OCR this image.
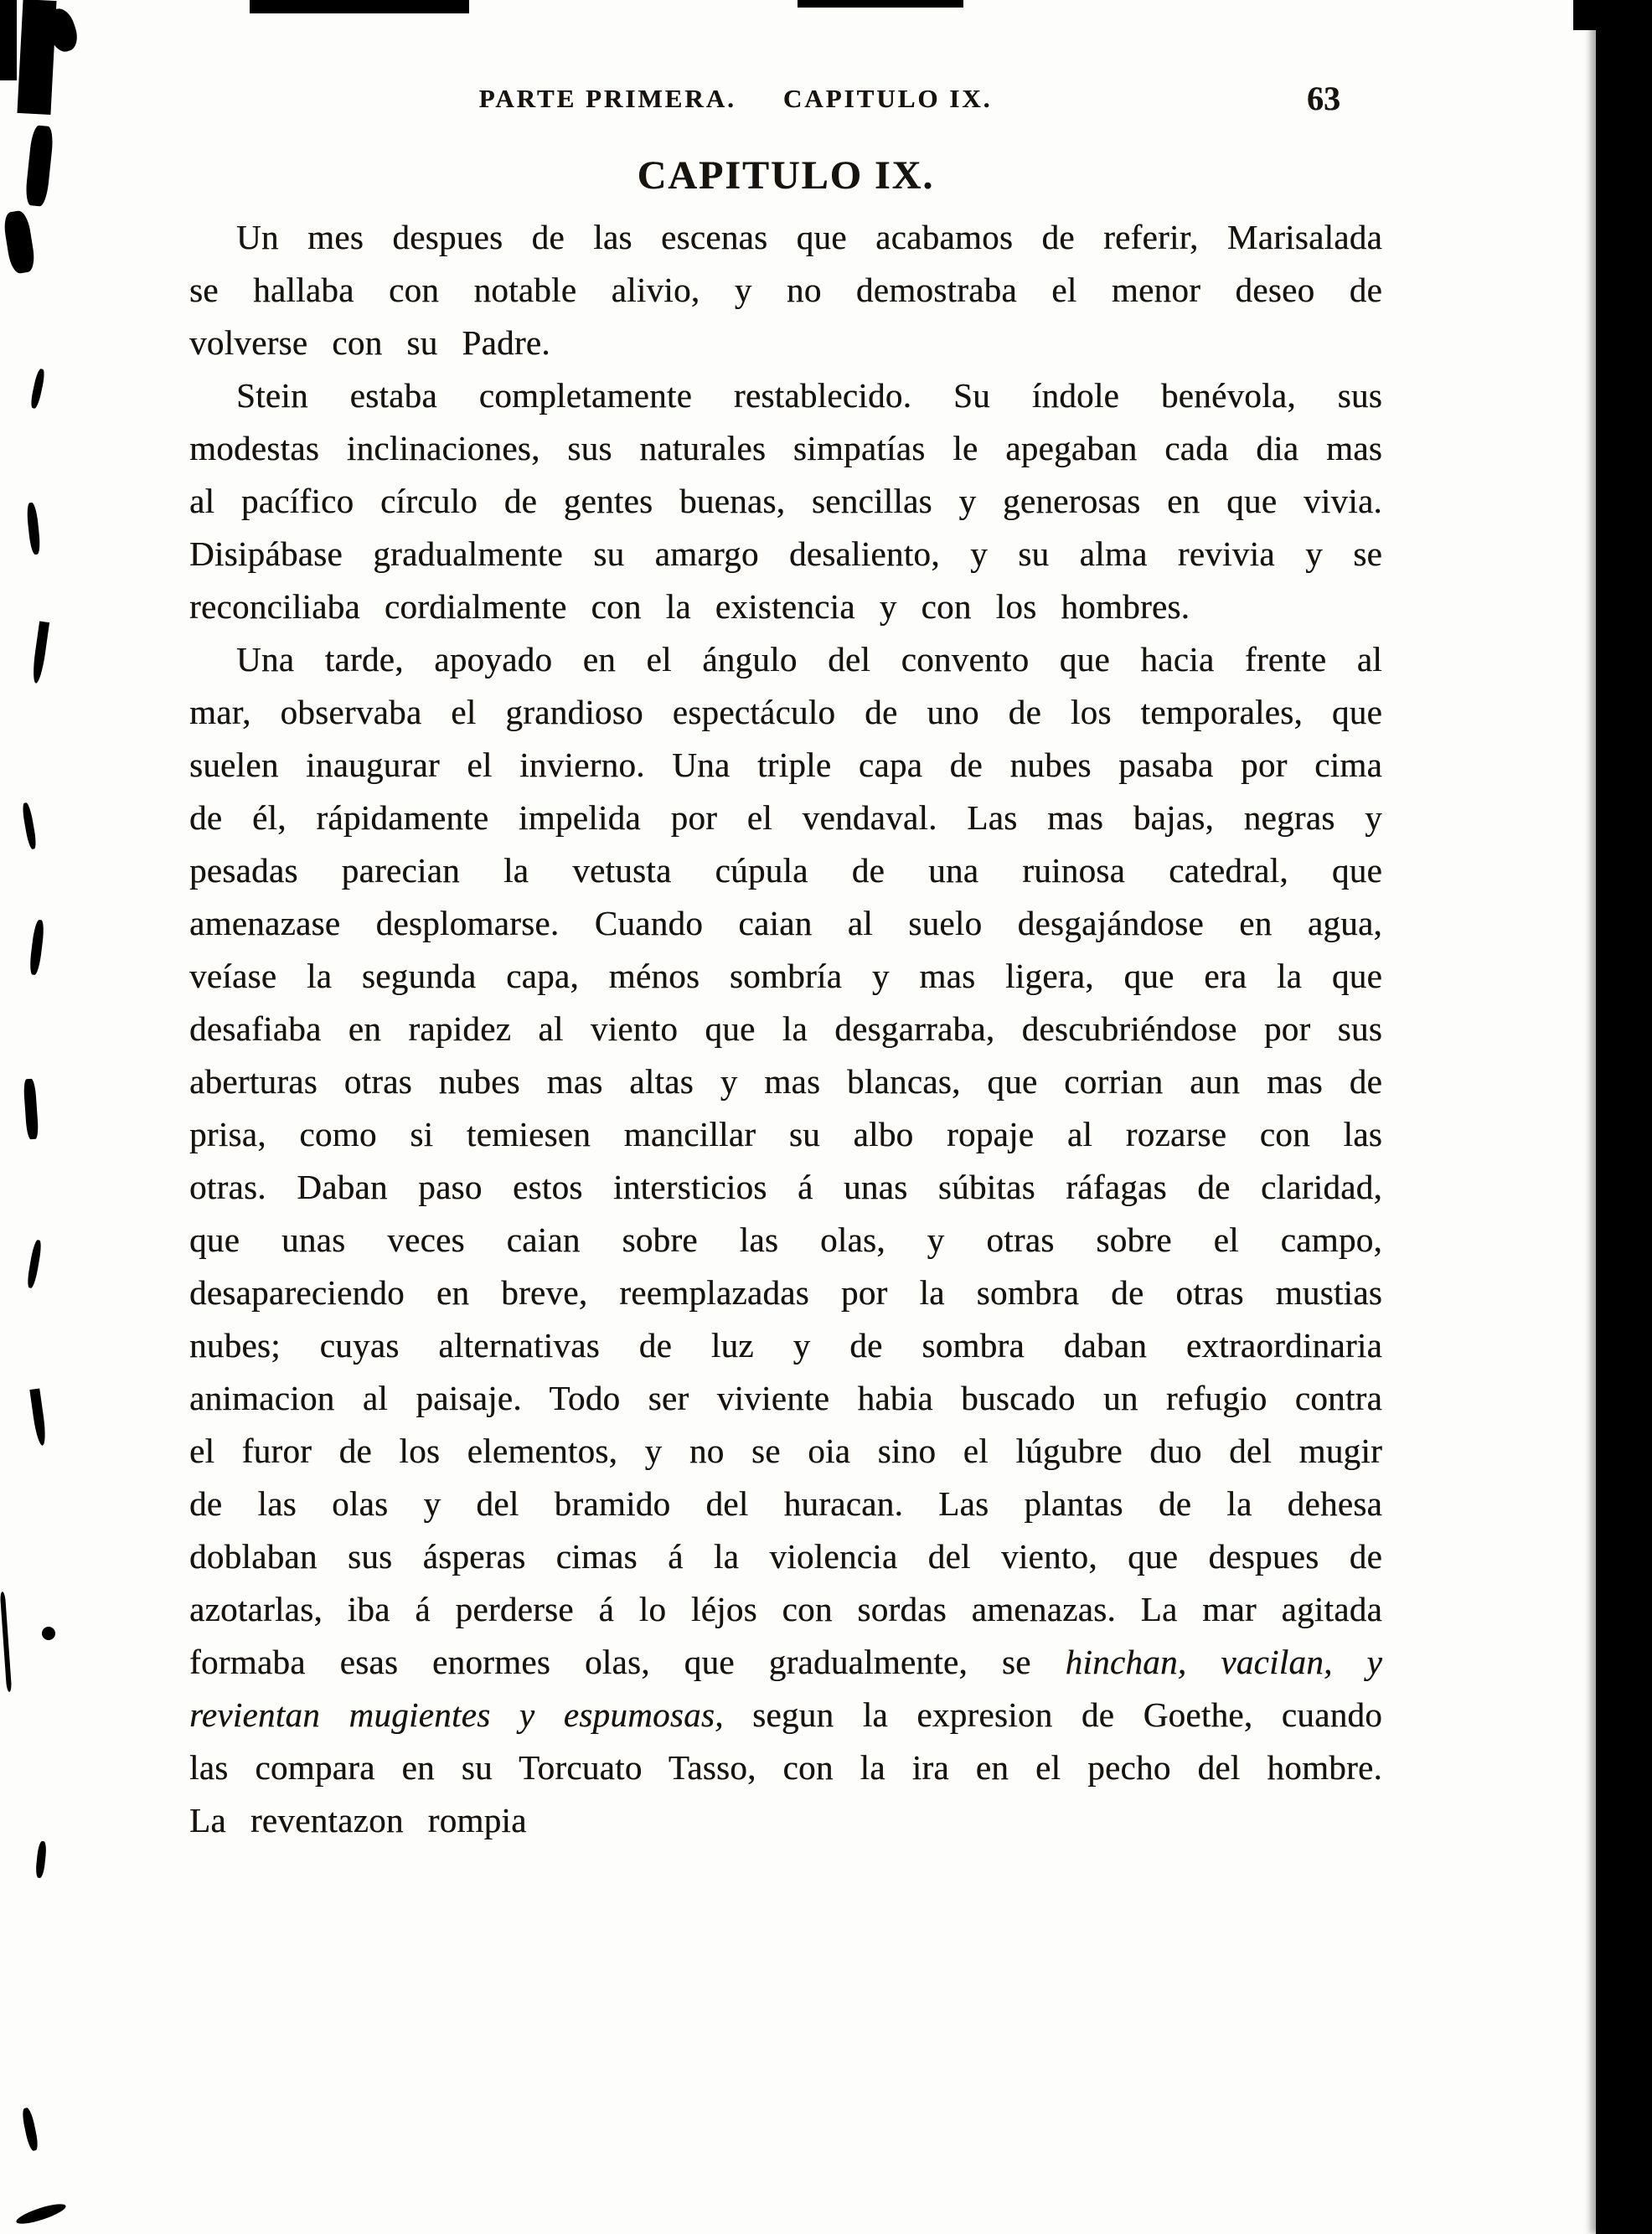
PARTE PRIMERA. CAPITULO IX.	63
CAPITULO IX.

Un mes despues de las escenas que acabamos de referir, Marisalada se hallaba con notable alivio, y no demostraba el menor deseo de volverse con su Padre.

Stein estaba completamente restablecido. Su índole benévola, sus modestas inclinaciones, sus naturales simpatías le apegaban cada dia mas al pacífico círculo de gentes buenas, sencillas y generosas en que vivia. Disipábase gradualmente su amargo desaliento, y su alma revivia y se reconciliaba cordialmente con la existencia y con los hombres.

Una tarde, apoyado en el ángulo del convento que hacia frente al mar, observaba el grandioso espectáculo de uno de los temporales, que suelen inaugurar el invierno. Una triple capa de nubes pasaba por cima de él, rápidamente impelida por el vendaval. Las mas bajas, negras y pesadas parecian la vetusta cúpula de una ruinosa catedral, que amenazase desplomarse. Cuando caian al suelo desgajándose en agua, veíase la segunda capa, ménos sombría y mas ligera, que era la que desafiaba en rapidez al viento que la desgarraba, descubriéndose por sus aberturas otras nubes mas altas y mas blancas, que corrian aun mas de prisa, como si temiesen mancillar su albo ropaje al rozarse con las otras. Daban paso estos intersticios á unas súbitas ráfagas de claridad, que unas veces caian sobre las olas, y otras sobre el campo, desapareciendo en breve, reemplazadas por la sombra de otras mustias nubes; cuyas alternativas de luz y de sombra daban extraordinaria animacion al paisaje. Todo ser viviente habia buscado un refugio contra el furor de los elementos, y no se oia sino el lúgubre duo del mugir de las olas y del bramido del huracan. Las plantas de la dehesa doblaban sus ásperas cimas á la violencia del viento, que despues de azotarlas, iba á perderse á lo léjos con sordas amenazas. La mar agitada formaba esas enormes olas, que gradualmente, se hinchan, vacilan, y revientan mugientes y espumosas, segun la expresion de Goethe, cuando las compara en su Torcuato Tasso, con la ira en el pecho del hombre. La reventazon rompia
